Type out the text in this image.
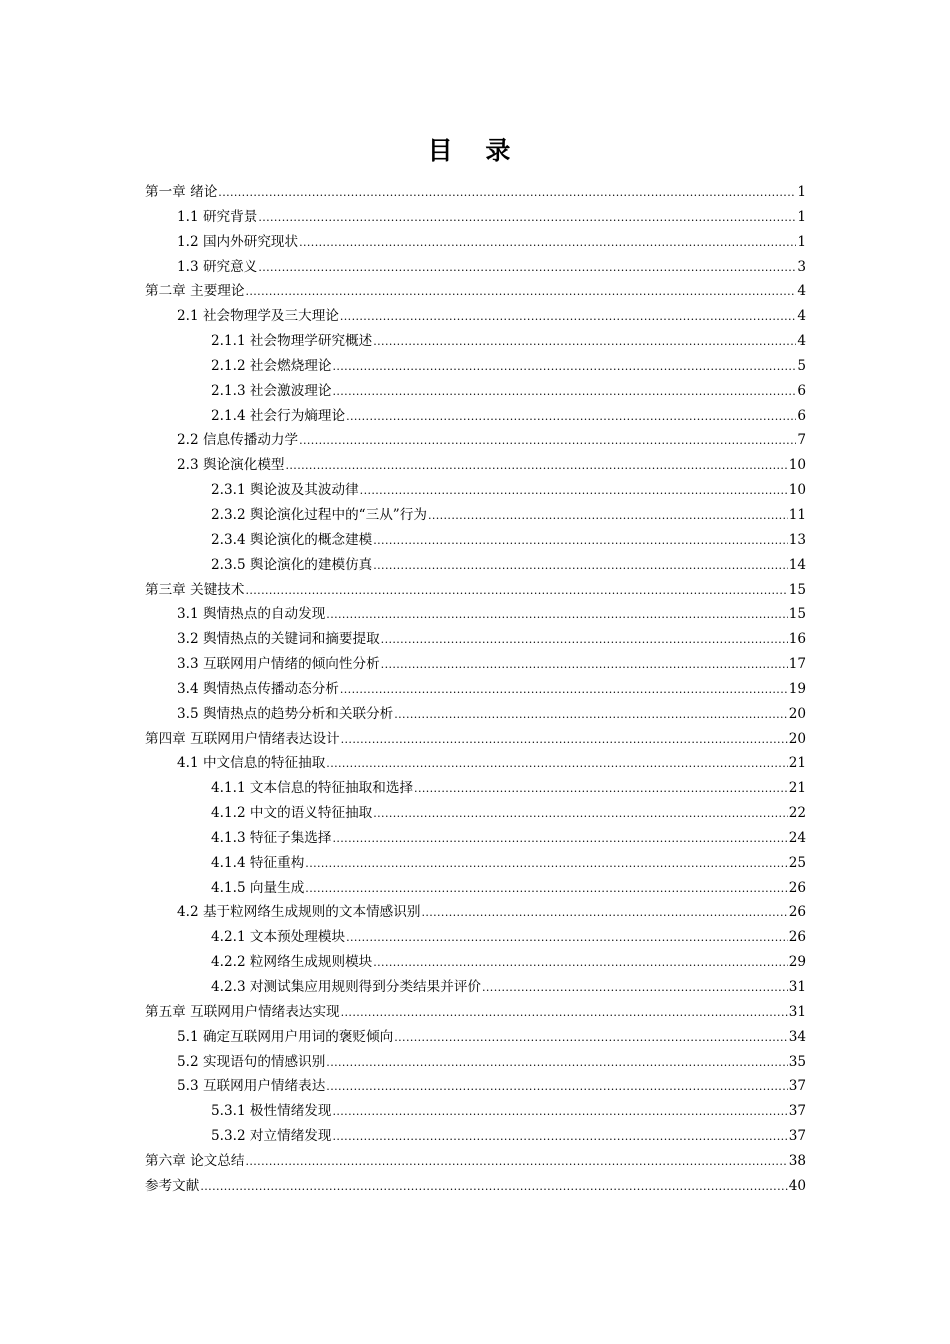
目 录
第一章 绪论 .....	1
1.1 研究背景 .....	1
1.2 国内外研究现状 .....	1
1.3 研究意义 .....	3
第二章 主要理论 .....	4
2.1 社会物理学及三大理论 .....	4
2.1.1 社会物理学研究概述 .....	4
2.1.2 社会燃烧理论 .....	5
2.1.3 社会激波理论 .....	6
2.1.4 社会行为熵理论 .....	6
2.2 信息传播动力学 .....	7
2.3 舆论演化模型 .....	10
2.3.1 舆论波及其波动律 .....	10
2.3.2 舆论演化过程中的“三从”行为 .....	11
2.3.4 舆论演化的概念建模 .....	13
2.3.5 舆论演化的建模仿真 .....	14
第三章 关键技术 .....	15
3.1 舆情热点的自动发现 .....	15
3.2 舆情热点的关键词和摘要提取 .....	16
3.3 互联网用户情绪的倾向性分析 .....	17
3.4 舆情热点传播动态分析 .....	19
3.5 舆情热点的趋势分析和关联分析 .....	20
第四章 互联网用户情绪表达设计 .....	20
4.1 中文信息的特征抽取 .....	21
4.1.1 文本信息的特征抽取和选择 .....	21
4.1.2 中文的语义特征抽取 .....	22
4.1.3 特征子集选择 .....	24
4.1.4 特征重构 .....	25
4.1.5 向量生成 .....	26
4.2 基于粒网络生成规则的文本情感识别 .....	26
4.2.1 文本预处理模块 .....	26
4.2.2 粒网络生成规则模块 .....	29
4.2.3 对测试集应用规则得到分类结果并评价 .....	31
第五章 互联网用户情绪表达实现 .....	31
5.1 确定互联网用户用词的褒贬倾向 .....	34
5.2 实现语句的情感识别 .....	35
5.3 互联网用户情绪表达 .....	37
5.3.1 极性情绪发现 .....	37
5.3.2 对立情绪发现 .....	37
第六章 论文总结 .....	38
参考文献 .....	40
